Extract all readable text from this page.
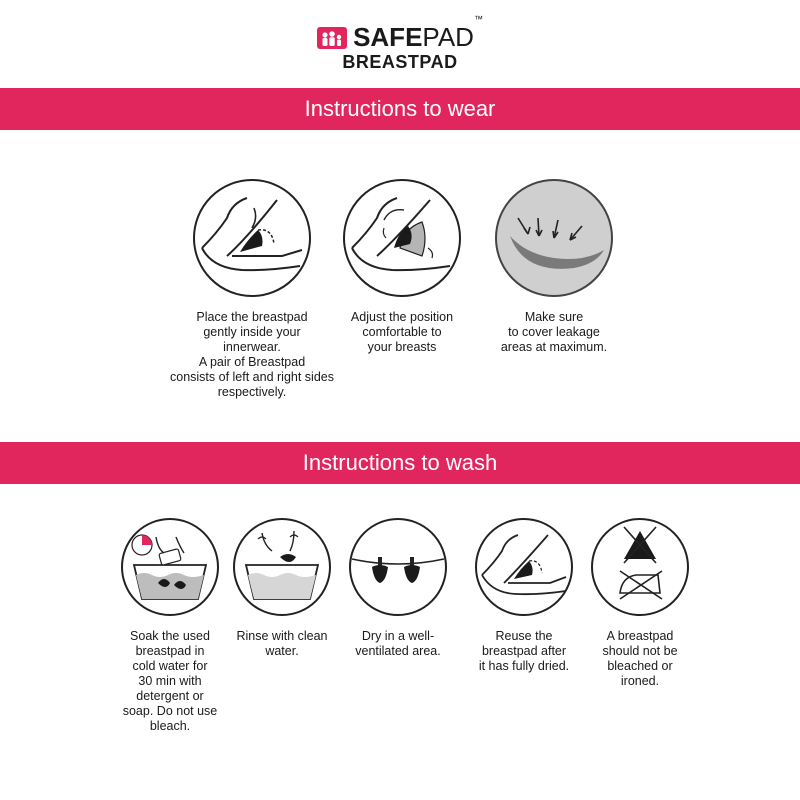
SAFEPAD™
BREASTPAD
Instructions to wear
Place the breastpad
gently inside your
innerwear.
A pair of Breastpad
consists of left and right sides
respectively.
Adjust the position
comfortable to
your breasts
Make sure
to cover leakage
areas at maximum.
Instructions to wash
Soak the used
breastpad in
cold water for
30 min with
detergent or
soap. Do not use
bleach.
Rinse with clean
water.
Dry in a well-
ventilated area.
Reuse the
breastpad after
it has fully dried.
A breastpad
should not be
bleached or
ironed.
